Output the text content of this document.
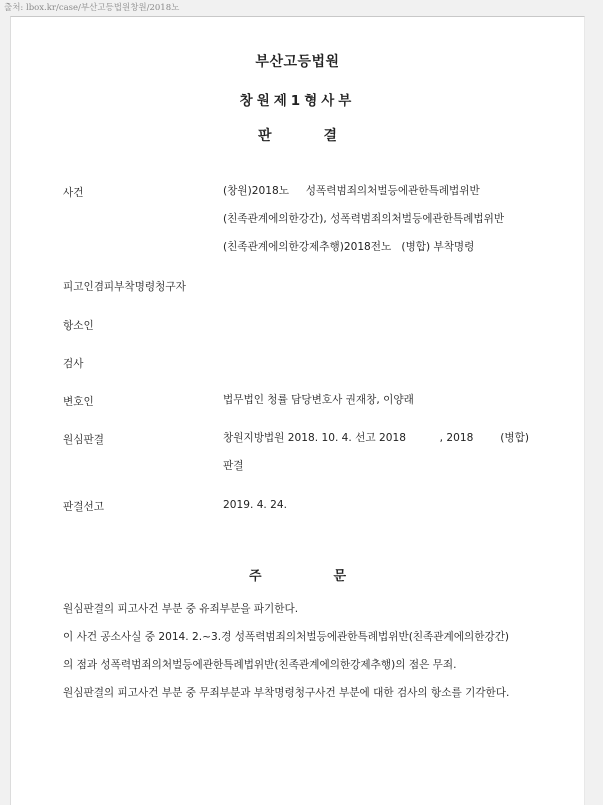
출처: lbox.kr/case/부산고등법원창원/2018노
부산고등법원
창원제1형사부
판결
사건	(창원)2018노     성폭력범죄의처벌등에관한특례법위반(친족관계에의한강간), 성폭력범죄의처벌등에관한특례법위반(친족관계에의한강제추행)2018전노   (병합) 부착명령
피고인겸피부착명령청구자
항소인
검사
변호인	법무법인 청률 담당변호사 권재창, 이양래
원심판결	창원지방법원 2018. 10. 4. 선고 2018          , 2018        (병합) 판결
판결선고	2019. 4. 24.
주문
원심판결의 피고사건 부분 중 유죄부분을 파기한다.
이 사건 공소사실 중 2014. 2.~3.경 성폭력범죄의처벌등에관한특례법위반(친족관계에의한강간)
의 점과 성폭력범죄의처벌등에관한특례법위반(친족관계에의한강제추행)의 점은 무죄.
원심판결의 피고사건 부분 중 무죄부분과 부착명령청구사건 부분에 대한 검사의 항소를 기각한다.
